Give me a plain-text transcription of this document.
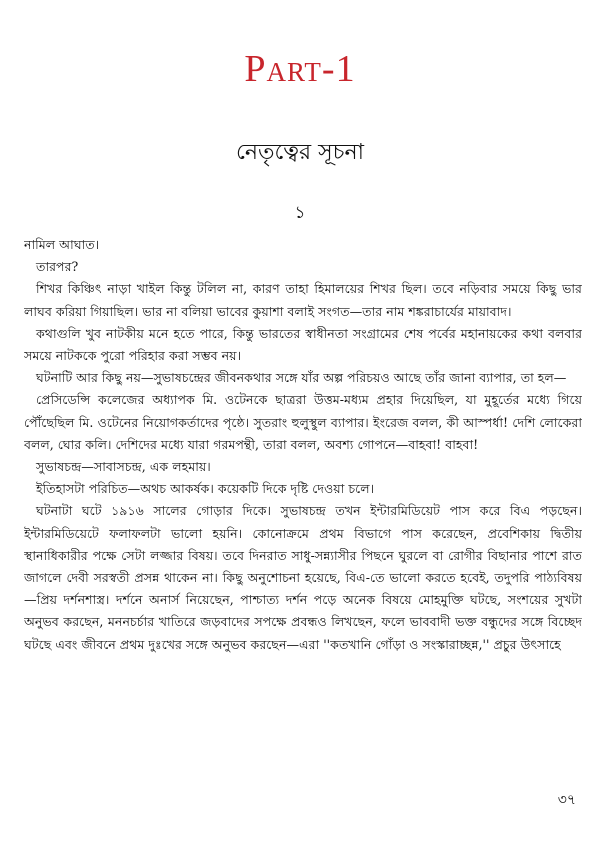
Part-1
নেতৃত্বের সূচনা
১

নামিল আঘাত।

তারপর?

শিখর কিঞ্চিৎ নাড়া খাইল কিন্তু টলিল না, কারণ তাহা হিমালয়ের শিখর ছিল। তবে নড়িবার সময়ে কিছু ভার লাঘব করিয়া গিয়াছিল। ভার না বলিয়া ভাবের কুয়াশা বলাই সংগত—তার নাম শঙ্করাচার্যের মায়াবাদ।

কথাগুলি খুব নাটকীয় মনে হতে পারে, কিন্তু ভারতের স্বাধীনতা সংগ্রামের শেষ পর্বের মহানায়কের কথা বলবার সময়ে নাটককে পুরো পরিহার করা সম্ভব নয়।

ঘটনাটি আর কিছু নয়—সুভাষচন্দ্রের জীবনকথার সঙ্গে যাঁর অল্প পরিচয়ও আছে তাঁর জানা ব্যাপার, তা হল—

প্রেসিডেন্সি কলেজের অধ্যাপক মি. ওটেনকে ছাত্ররা উত্তম-মধ্যম প্রহার দিয়েছিল, যা মুহূর্তের মধ্যে গিয়ে পৌঁছেছিল মি. ওটেনের নিয়োগকর্তাদের পৃষ্ঠে। সুতরাং হুলুস্থুল ব্যাপার। ইংরেজ বলল, কী আস্পর্ধা! দেশি লোকেরা বলল, ঘোর কলি। দেশিদের মধ্যে যারা গরমপন্থী, তারা বলল, অবশ্য গোপনে—বাহবা! বাহবা!

সুভাষচন্দ্র—সাবাসচন্দ্র, এক লহমায়।

ইতিহাসটা পরিচিত—অথচ আকর্ষক। কয়েকটি দিকে দৃষ্টি দেওয়া চলে।

ঘটনাটা ঘটে ১৯১৬ সালের গোড়ার দিকে। সুভাষচন্দ্র তখন ইন্টারমিডিয়েট পাস করে বিএ পড়ছেন। ইন্টারমিডিয়েটে ফলাফলটা ভালো হয়নি। কোনোক্রমে প্রথম বিভাগে পাস করেছেন, প্রবেশিকায় দ্বিতীয় স্থানাধিকারীর পক্ষে সেটা লজ্জার বিষয়। তবে দিনরাত সাধু-সন্ন্যাসীর পিছনে ঘুরলে বা রোগীর বিছানার পাশে রাত জাগলে দেবী সরস্বতী প্রসন্ন থাকেন না। কিছু অনুশোচনা হয়েছে, বিএ-তে ভালো করতে হবেই, তদুপরি পাঠ্যবিষয়—প্রিয় দর্শনশাস্ত্র। দর্শনে অনার্স নিয়েছেন, পাশ্চাত্য দর্শন পড়ে অনেক বিষয়ে মোহমুক্তি ঘটছে, সংশয়ের সুখটা অনুভব করছেন, মননচর্চার খাতিরে জড়বাদের সপক্ষে প্রবন্ধও লিখছেন, ফলে ভাববাদী ভক্ত বন্ধুদের সঙ্গে বিচ্ছেদ ঘটছে এবং জীবনে প্রথম দুঃখের সঙ্গে অনুভব করছেন—এরা ''কতখানি গোঁড়া ও সংস্কারাচ্ছন্ন,'' প্রচুর উৎসাহে

৩৭
